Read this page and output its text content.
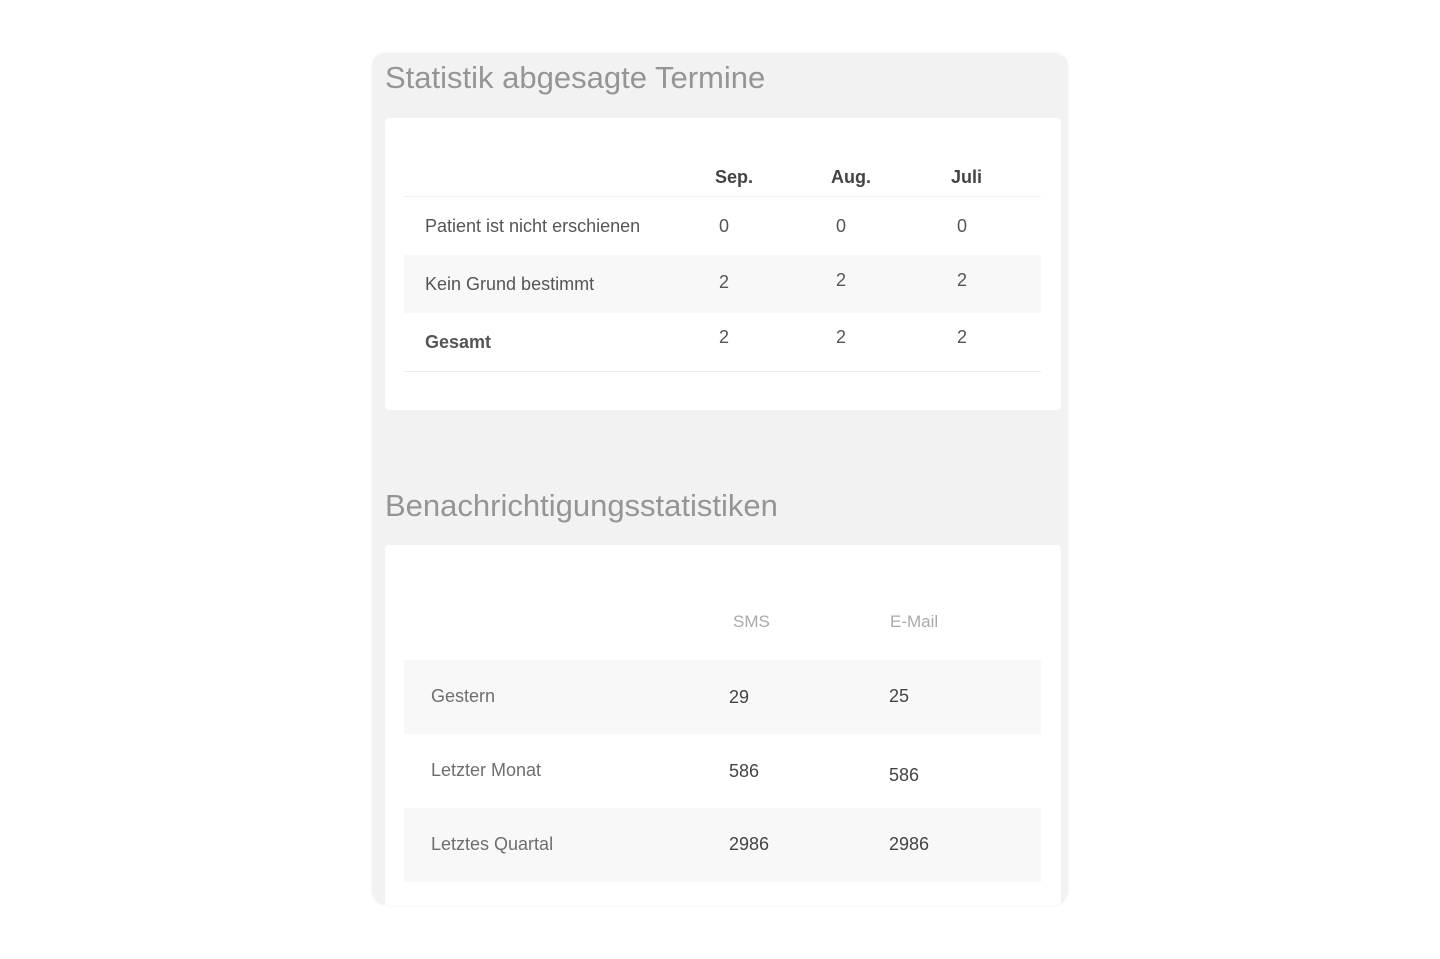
Statistik abgesagte Termine
Sep.	Aug.	Juli
Patient ist nicht erschienen	0	0	0
Kein Grund bestimmt	2	2	2
Gesamt	2	2	2
Benachrichtigungsstatistiken
SMS	E-Mail
Gestern	29	25
Letzter Monat	586	586
Letztes Quartal	2986	2986
